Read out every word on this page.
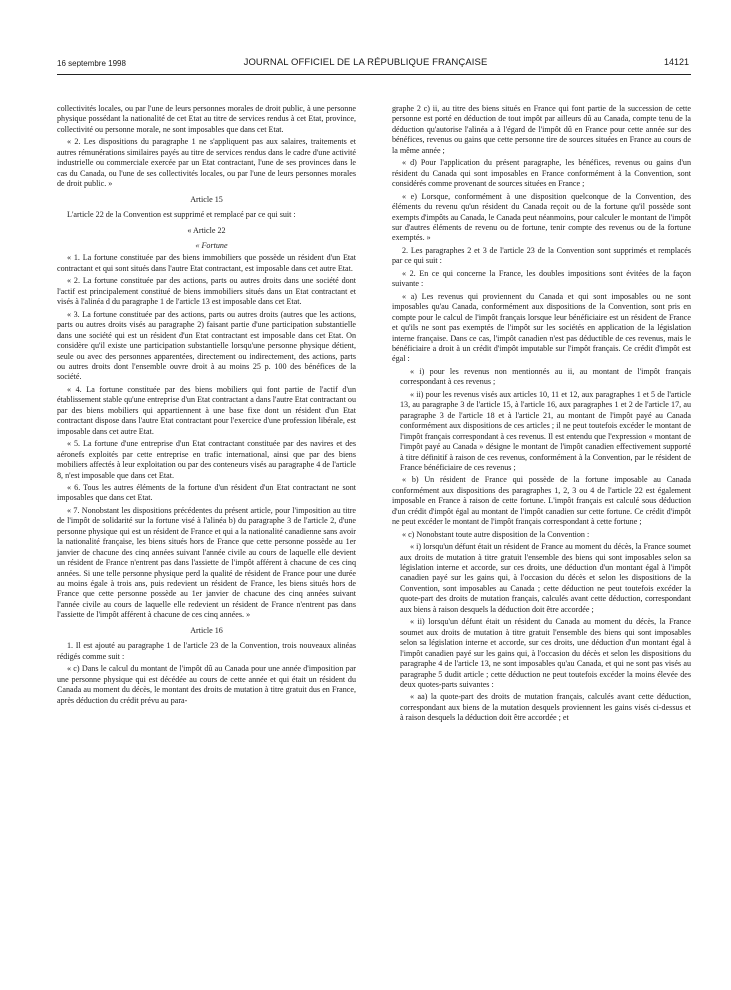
16 septembre 1998	JOURNAL OFFICIEL DE LA RÉPUBLIQUE FRANÇAISE	14121

collectivités locales, ou par l'une de leurs personnes morales de droit public, à une personne physique possédant la nationalité de cet Etat au titre de services rendus à cet Etat, province, collectivité ou personne morale, ne sont imposables que dans cet Etat.

« 2. Les dispositions du paragraphe 1 ne s'appliquent pas aux salaires, traitements et autres rémunérations similaires payés au titre de services rendus dans le cadre d'une activité industrielle ou commerciale exercée par un Etat contractant, l'une de ses provinces dans le cas du Canada, ou l'une de ses collectivités locales, ou par l'une de leurs personnes morales de droit public. »

Article 15

L'article 22 de la Convention est supprimé et remplacé par ce qui suit :

« Article 22

« Fortune

« 1. La fortune constituée par des biens immobiliers que possède un résident d'un Etat contractant et qui sont situés dans l'autre Etat contractant, est imposable dans cet autre Etat.

« 2. La fortune constituée par des actions, parts ou autres droits dans une société dont l'actif est principalement constitué de biens immobiliers situés dans un Etat contractant et visés à l'alinéa d du paragraphe 1 de l'article 13 est imposable dans cet Etat.

« 3. La fortune constituée par des actions, parts ou autres droits (autres que les actions, parts ou autres droits visés au paragraphe 2) faisant partie d'une participation substantielle dans une société qui est un résident d'un Etat contractant est imposable dans cet Etat. On considère qu'il existe une participation substantielle lorsqu'une personne physique détient, seule ou avec des personnes apparentées, directement ou indirectement, des actions, parts ou autres droits dont l'ensemble ouvre droit à au moins 25 p. 100 des bénéfices de la société.

« 4. La fortune constituée par des biens mobiliers qui font partie de l'actif d'un établissement stable qu'une entreprise d'un Etat contractant a dans l'autre Etat contractant ou par des biens mobiliers qui appartiennent à une base fixe dont un résident d'un Etat contractant dispose dans l'autre Etat contractant pour l'exercice d'une profession libérale, est imposable dans cet autre Etat.

« 5. La fortune d'une entreprise d'un Etat contractant constituée par des navires et des aéronefs exploités par cette entreprise en trafic international, ainsi que par des biens mobiliers affectés à leur exploitation ou par des conteneurs visés au paragraphe 4 de l'article 8, n'est imposable que dans cet Etat.

« 6. Tous les autres éléments de la fortune d'un résident d'un Etat contractant ne sont imposables que dans cet Etat.

« 7. Nonobstant les dispositions précédentes du présent article, pour l'imposition au titre de l'impôt de solidarité sur la fortune visé à l'alinéa b) du paragraphe 3 de l'article 2, d'une personne physique qui est un résident de France et qui a la nationalité canadienne sans avoir la nationalité française, les biens situés hors de France que cette personne possède au 1er janvier de chacune des cinq années suivant l'année civile au cours de laquelle elle devient un résident de France n'entrent pas dans l'assiette de l'impôt afférent à chacune de ces cinq années. Si une telle personne physique perd la qualité de résident de France pour une durée au moins égale à trois ans, puis redevient un résident de France, les biens situés hors de France que cette personne possède au 1er janvier de chacune des cinq années suivant l'année civile au cours de laquelle elle redevient un résident de France n'entrent pas dans l'assiette de l'impôt afférent à chacune de ces cinq années. »

Article 16

1. Il est ajouté au paragraphe 1 de l'article 23 de la Convention, trois nouveaux alinéas rédigés comme suit :

« c) Dans le calcul du montant de l'impôt dû au Canada pour une année d'imposition par une personne physique qui est décédée au cours de cette année et qui était un résident du Canada au moment du décès, le montant des droits de mutation à titre gratuit dus en France, après déduction du crédit prévu au para-

graphe 2 c) ii, au titre des biens situés en France qui font partie de la succession de cette personne est porté en déduction de tout impôt par ailleurs dû au Canada, compte tenu de la déduction qu'autorise l'alinéa a à l'égard de l'impôt dû en France pour cette année sur des bénéfices, revenus ou gains que cette personne tire de sources situées en France au cours de la même année ;

« d) Pour l'application du présent paragraphe, les bénéfices, revenus ou gains d'un résident du Canada qui sont imposables en France conformément à la Convention, sont considérés comme provenant de sources situées en France ;

« e) Lorsque, conformément à une disposition quelconque de la Convention, des éléments du revenu qu'un résident du Canada reçoit ou de la fortune qu'il possède sont exempts d'impôts au Canada, le Canada peut néanmoins, pour calculer le montant de l'impôt sur d'autres éléments de revenu ou de fortune, tenir compte des revenus ou de la fortune exemptés. »

2. Les paragraphes 2 et 3 de l'article 23 de la Convention sont supprimés et remplacés par ce qui suit :

« 2. En ce qui concerne la France, les doubles impositions sont évitées de la façon suivante :

« a) Les revenus qui proviennent du Canada et qui sont imposables ou ne sont imposables qu'au Canada, conformément aux dispositions de la Convention, sont pris en compte pour le calcul de l'impôt français lorsque leur bénéficiaire est un résident de France et qu'ils ne sont pas exemptés de l'impôt sur les sociétés en application de la législation interne française. Dans ce cas, l'impôt canadien n'est pas déductible de ces revenus, mais le bénéficiaire a droit à un crédit d'impôt imputable sur l'impôt français. Ce crédit d'impôt est égal :

« i) pour les revenus non mentionnés au ii, au montant de l'impôt français correspondant à ces revenus ;

« ii) pour les revenus visés aux articles 10, 11 et 12, aux paragraphes 1 et 5 de l'article 13, au paragraphe 3 de l'article 15, à l'article 16, aux paragraphes 1 et 2 de l'article 17, au paragraphe 3 de l'article 18 et à l'article 21, au montant de l'impôt payé au Canada conformément aux dispositions de ces articles ; il ne peut toutefois excéder le montant de l'impôt français correspondant à ces revenus. Il est entendu que l'expression « montant de l'impôt payé au Canada » désigne le montant de l'impôt canadien effectivement supporté à titre définitif à raison de ces revenus, conformément à la Convention, par le résident de France bénéficiaire de ces revenus ;

« b) Un résident de France qui possède de la fortune imposable au Canada conformément aux dispositions des paragraphes 1, 2, 3 ou 4 de l'article 22 est également imposable en France à raison de cette fortune. L'impôt français est calculé sous déduction d'un crédit d'impôt égal au montant de l'impôt canadien sur cette fortune. Ce crédit d'impôt ne peut excéder le montant de l'impôt français correspondant à cette fortune ;

« c) Nonobstant toute autre disposition de la Convention :

« i) lorsqu'un défunt était un résident de France au moment du décès, la France soumet aux droits de mutation à titre gratuit l'ensemble des biens qui sont imposables selon sa législation interne et accorde, sur ces droits, une déduction d'un montant égal à l'impôt canadien payé sur les gains qui, à l'occasion du décès et selon les dispositions de la Convention, sont imposables au Canada ; cette déduction ne peut toutefois excéder la quote-part des droits de mutation français, calculés avant cette déduction, correspondant aux biens à raison desquels la déduction doit être accordée ;

« ii) lorsqu'un défunt était un résident du Canada au moment du décès, la France soumet aux droits de mutation à titre gratuit l'ensemble des biens qui sont imposables selon sa législation interne et accorde, sur ces droits, une déduction d'un montant égal à l'impôt canadien payé sur les gains qui, à l'occasion du décès et selon les dispositions du paragraphe 4 de l'article 13, ne sont imposables qu'au Canada, et qui ne sont pas visés au paragraphe 5 dudit article ; cette déduction ne peut toutefois excéder la moins élevée des deux quotes-parts suivantes :

« aa) la quote-part des droits de mutation français, calculés avant cette déduction, correspondant aux biens de la mutation desquels proviennent les gains visés ci-dessus et à raison desquels la déduction doit être accordée ; et
